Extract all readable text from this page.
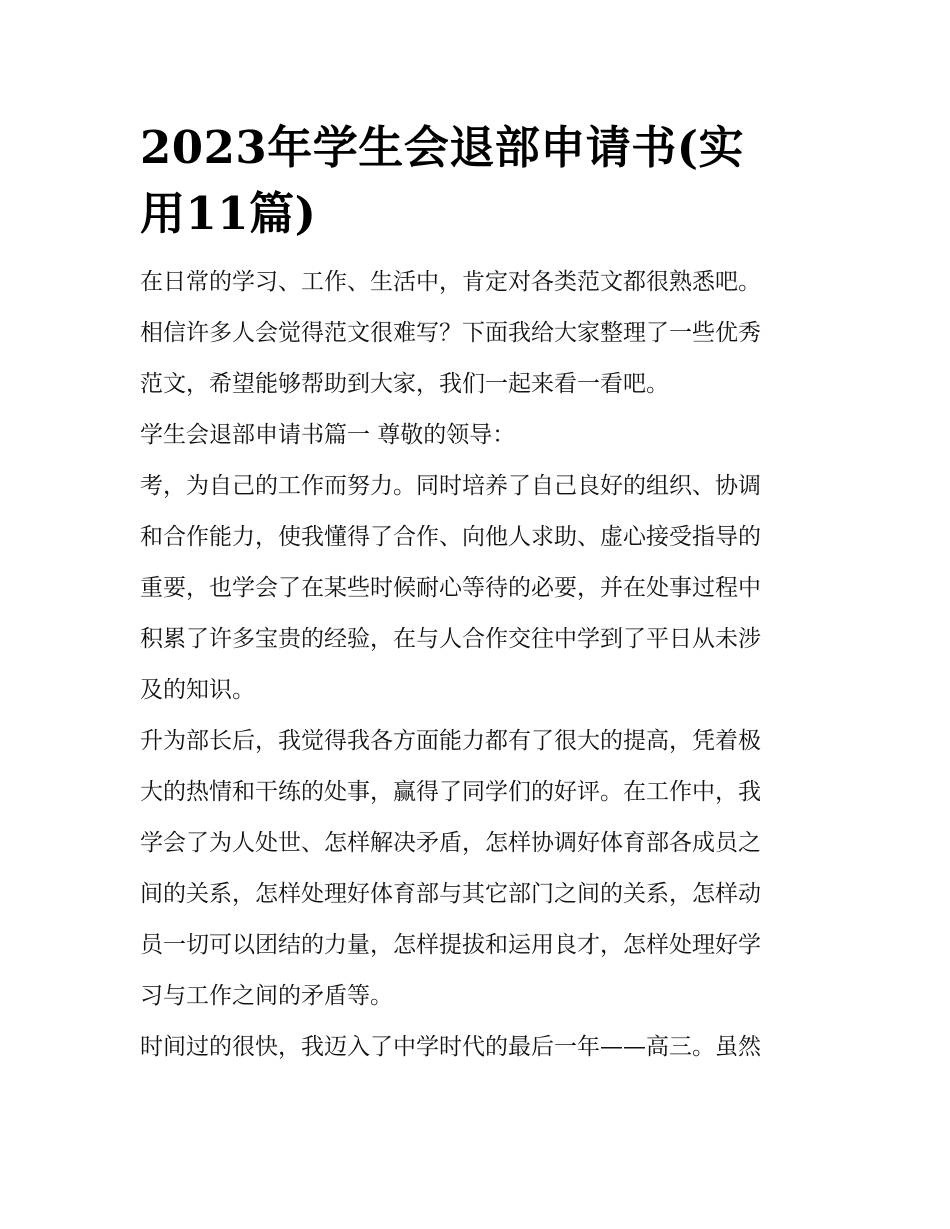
2023年学生会退部申请书(实
用11篇)

在日常的学习、工作、生活中，肯定对各类范文都很熟悉吧。
相信许多人会觉得范文很难写？下面我给大家整理了一些优秀
范文，希望能够帮助到大家，我们一起来看一看吧。

学生会退部申请书篇一 尊敬的领导：

考，为自己的工作而努力。同时培养了自己良好的组织、协调
和合作能力，使我懂得了合作、向他人求助、虚心接受指导的
重要，也学会了在某些时候耐心等待的必要，并在处事过程中
积累了许多宝贵的经验，在与人合作交往中学到了平日从未涉
及的知识。

升为部长后，我觉得我各方面能力都有了很大的提高，凭着极
大的热情和干练的处事，赢得了同学们的好评。在工作中，我
学会了为人处世、怎样解决矛盾，怎样协调好体育部各成员之
间的关系，怎样处理好体育部与其它部门之间的关系，怎样动
员一切可以团结的力量，怎样提拔和运用良才，怎样处理好学
习与工作之间的矛盾等。

时间过的很快，我迈入了中学时代的最后一年——高三。虽然
